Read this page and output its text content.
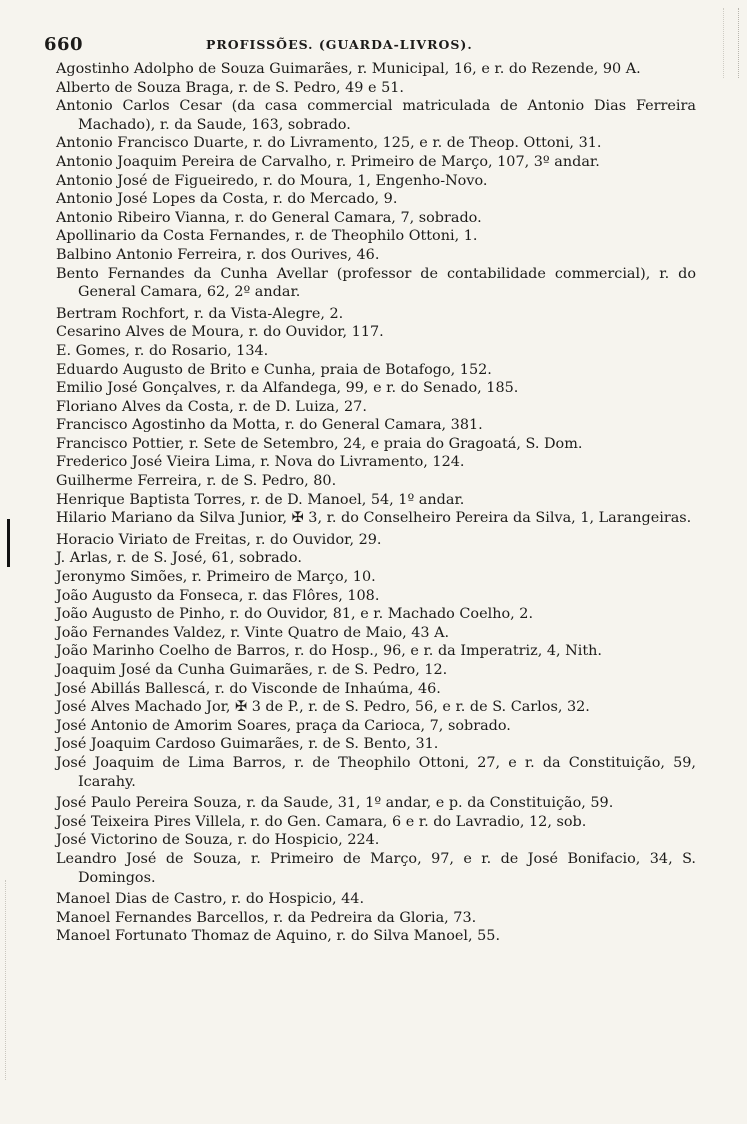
660	PROFISSÕES. (GUARDA-LIVROS).
Agostinho Adolpho de Souza Guimarães, r. Municipal, 16, e r. do Rezende, 90 A.
Alberto de Souza Braga, r. de S. Pedro, 49 e 51.
Antonio Carlos Cesar (da casa commercial matriculada de Antonio Dias Ferreira Machado), r. da Saude, 163, sobrado.
Antonio Francisco Duarte, r. do Livramento, 125, e r. de Theop. Ottoni, 31.
Antonio Joaquim Pereira de Carvalho, r. Primeiro de Março, 107, 3º andar.
Antonio José de Figueiredo, r. do Moura, 1, Engenho-Novo.
Antonio José Lopes da Costa, r. do Mercado, 9.
Antonio Ribeiro Vianna, r. do General Camara, 7, sobrado.
Apollinario da Costa Fernandes, r. de Theophilo Ottoni, 1.
Balbino Antonio Ferreira, r. dos Ourives, 46.
Bento Fernandes da Cunha Avellar (professor de contabilidade commercial), r. do General Camara, 62, 2º andar.
Bertram Rochfort, r. da Vista-Alegre, 2.
Cesarino Alves de Moura, r. do Ouvidor, 117.
E. Gomes, r. do Rosario, 134.
Eduardo Augusto de Brito e Cunha, praia de Botafogo, 152.
Emilio José Gonçalves, r. da Alfandega, 99, e r. do Senado, 185.
Floriano Alves da Costa, r. de D. Luiza, 27.
Francisco Agostinho da Motta, r. do General Camara, 381.
Francisco Pottier, r. Sete de Setembro, 24, e praia do Gragoatá, S. Dom.
Frederico José Vieira Lima, r. Nova do Livramento, 124.
Guilherme Ferreira, r. de S. Pedro, 80.
Henrique Baptista Torres, r. de D. Manoel, 54, 1º andar.
Hilario Mariano da Silva Junior, ✠ 3, r. do Conselheiro Pereira da Silva, 1, Larangeiras.
Horacio Viriato de Freitas, r. do Ouvidor, 29.
J. Arlas, r. de S. José, 61, sobrado.
Jeronymo Simões, r. Primeiro de Março, 10.
João Augusto da Fonseca, r. das Flôres, 108.
João Augusto de Pinho, r. do Ouvidor, 81, e r. Machado Coelho, 2.
João Fernandes Valdez, r. Vinte Quatro de Maio, 43 A.
João Marinho Coelho de Barros, r. do Hosp., 96, e r. da Imperatriz, 4, Nith.
Joaquim José da Cunha Guimarães, r. de S. Pedro, 12.
José Abillás Ballescá, r. do Visconde de Inhaúma, 46.
José Alves Machado Jor, ✠ 3 de P., r. de S. Pedro, 56, e r. de S. Carlos, 32.
José Antonio de Amorim Soares, praça da Carioca, 7, sobrado.
José Joaquim Cardoso Guimarães, r. de S. Bento, 31.
José Joaquim de Lima Barros, r. de Theophilo Ottoni, 27, e r. da Constituição, 59, Icarahy.
José Paulo Pereira Souza, r. da Saude, 31, 1º andar, e p. da Constituição, 59.
José Teixeira Pires Villela, r. do Gen. Camara, 6 e r. do Lavradio, 12, sob.
José Victorino de Souza, r. do Hospicio, 224.
Leandro José de Souza, r. Primeiro de Março, 97, e r. de José Bonifacio, 34, S. Domingos.
Manoel Dias de Castro, r. do Hospicio, 44.
Manoel Fernandes Barcellos, r. da Pedreira da Gloria, 73.
Manoel Fortunato Thomaz de Aquino, r. do Silva Manoel, 55.
